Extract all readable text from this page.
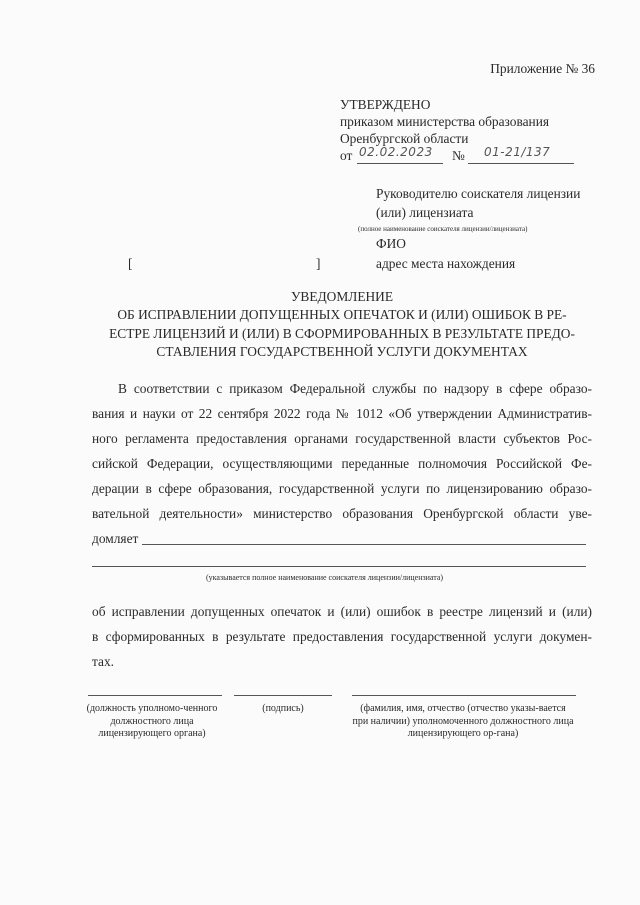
Приложение № 36
УТВЕРЖДЕНО
приказом министерства образования
Оренбургской области
от 02.02.2023 № 01-21/137
Руководителю соискателя лицензии
(или) лицензиата
(полное наименование соискателя лицензии/лицензиата)
ФИО
адрес места нахождения
[	]
УВЕДОМЛЕНИЕ
ОБ ИСПРАВЛЕНИИ ДОПУЩЕННЫХ ОПЕЧАТОК И (ИЛИ) ОШИБОК В РЕ-
ЕСТРЕ ЛИЦЕНЗИЙ И (ИЛИ) В СФОРМИРОВАННЫХ В РЕЗУЛЬТАТЕ ПРЕДО-
СТАВЛЕНИЯ ГОСУДАРСТВЕННОЙ УСЛУГИ ДОКУМЕНТАХ
В соответствии с приказом Федеральной службы по надзору в сфере образо-
вания и науки от 22 сентября 2022 года № 1012 «Об утверждении Административ-
ного регламента предоставления органами государственной власти субъектов Рос-
сийской Федерации, осуществляющими переданные полномочия Российской Фе-
дерации в сфере образования, государственной услуги по лицензированию образо-
вательной деятельности» министерство образования Оренбургской области уве-
домляет
(указывается полное наименование соискателя лицензии/лицензиата)
об исправлении допущенных опечаток и (или) ошибок в реестре лицензий и (или)
в сформированных в результате предоставления государственной услуги докумен-
тах.
(должность уполномо-ченного должностного лица лицензирующего органа)
(подпись)	(фамилия, имя, отчество (отчество указы-вается при наличии) уполномоченного должностного лица лицензирующего ор-гана)
